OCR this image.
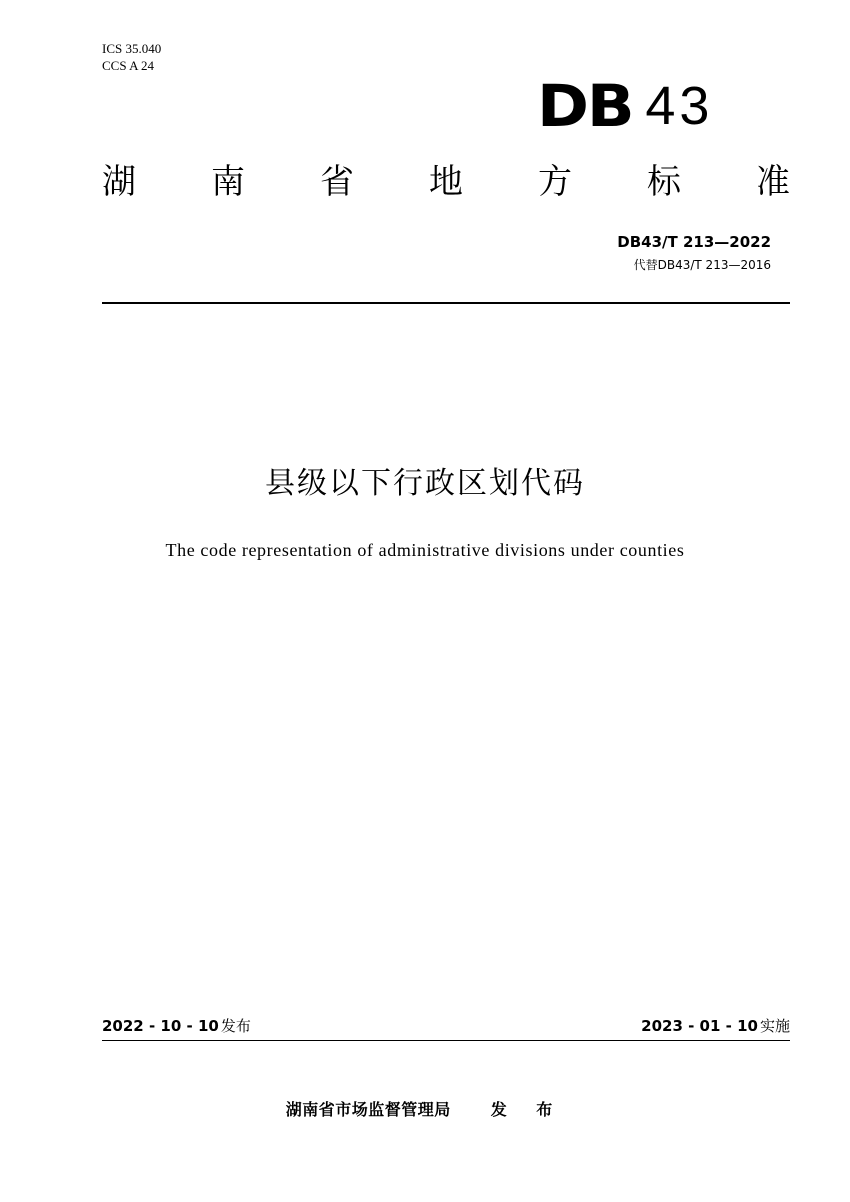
ICS 35.040
CCS A 24
DB 43
湖 南 省 地 方 标 准
DB43/T 213—2022
代替DB43/T 213—2016
县级以下行政区划代码
The code representation of administrative divisions under counties
2022 - 10 - 10 发布	2023 - 01 - 10 实施
湖南省市场监督管理局	发 布
